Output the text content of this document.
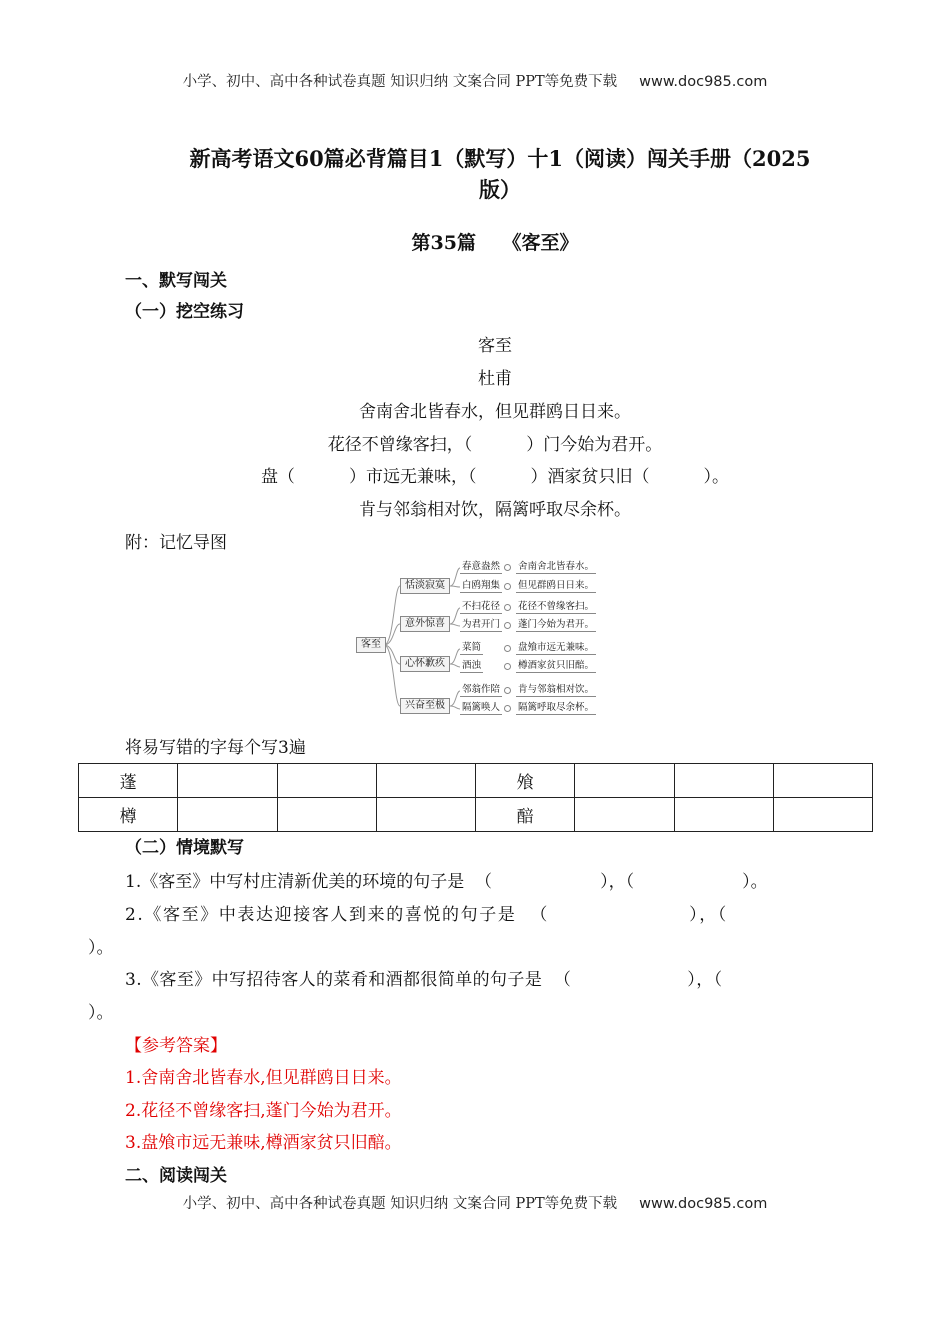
小学、初中、高中各种试卷真题 知识归纳 文案合同 PPT等免费下载 www.doc985.com
新高考语文60篇必背篇目1（默写）十1（阅读）闯关手册（2025
版）
第35篇    《客至》
一、默写闯关
（一）挖空练习
客至
杜甫
舍南舍北皆春水，但见群鸥日日来。
花径不曾缘客扫，（          ）门今始为君开。
盘（          ）市远无兼味，（          ）酒家贫只旧（          ）。
肯与邻翁相对饮，隔篱呼取尽余杯。
附：记忆导图
客至
恬淡寂寞
意外惊喜
心怀歉疚
兴奋至极
春意盎然 舍南舍北皆春水。
白鸥翔集 但见群鸥日日来。
不扫花径 花径不曾缘客扫。
为君开门 蓬门今始为君开。
菜简	盘飧市远无兼味。
酒浊	樽酒家贫只旧醅。
邻翁作陪 肯与邻翁相对饮。
隔篱唤人 隔篱呼取尽余杯。
将易写错的字每个写3遍
蓬				飧			
樽				醅			
（二）情境默写
1.《客至》中写村庄清新优美的环境的句子是  （                    ），（                    ）。
2.《客至》中表达迎接客人到来的喜悦的句子是  （                    ），（
）。
3.《客至》中写招待客人的菜肴和酒都很简单的句子是  （                    ），（
）。
【参考答案】
1.舍南舍北皆春水,但见群鸥日日来。
2.花径不曾缘客扫,蓬门今始为君开。
3.盘飧市远无兼味,樽酒家贫只旧醅。
二、阅读闯关
小学、初中、高中各种试卷真题 知识归纳 文案合同 PPT等免费下载 www.doc985.com
